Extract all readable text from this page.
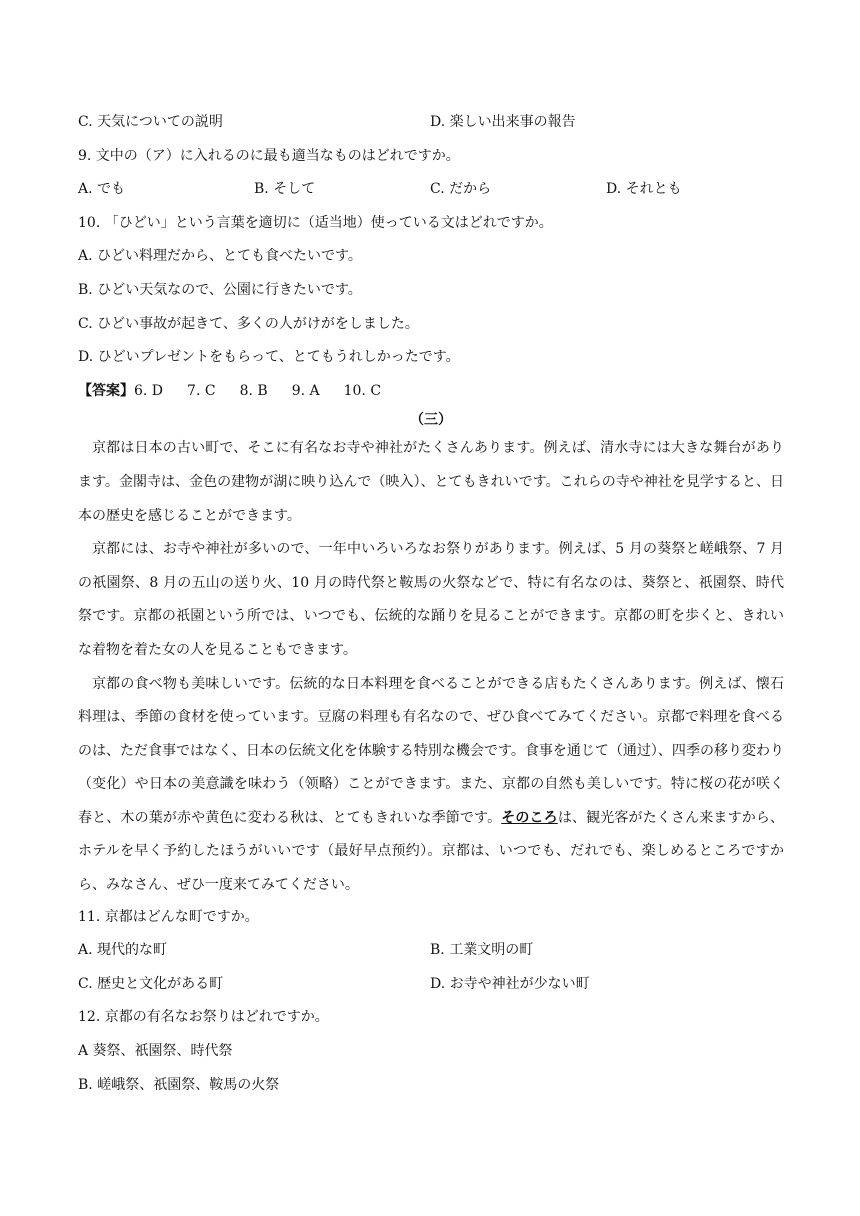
C. 天気についての説明	D. 楽しい出来事の報告
9. 文中の（ア）に入れるのに最も適当なものはどれですか。
A. でも	B. そして	C. だから	D. それとも
10. 「ひどい」という言葉を適切に（适当地）使っている文はどれですか。
A. ひどい料理だから、とても食べたいです。
B. ひどい天気なので、公園に行きたいです。
C. ひどい事故が起きて、多くの人がけがをしました。
D. ひどいプレゼントをもらって、とてもうれしかったです。
【答案】6. D 7. C 8. B 9. A 10. C
（三）

京都は日本の古い町で、そこに有名なお寺や神社がたくさんあります。例えば、清水寺には大きな舞台があります。金閣寺は、金色の建物が湖に映り込んで（映入）、とてもきれいです。これらの寺や神社を見学すると、日本の歴史を感じることができます。

京都には、お寺や神社が多いので、一年中いろいろなお祭りがあります。例えば、5 月の葵祭と嵯峨祭、7 月の祇園祭、8 月の五山の送り火、10 月の時代祭と鞍馬の火祭などで、特に有名なのは、葵祭と、祇園祭、時代祭です。京都の祇園という所では、いつでも、伝統的な踊りを見ることができます。京都の町を歩くと、きれいな着物を着た女の人を見ることもできます。

京都の食べ物も美味しいです。伝統的な日本料理を食べることができる店もたくさんあります。例えば、懐石料理は、季節の食材を使っています。豆腐の料理も有名なので、ぜひ食べてみてください。京都で料理を食べるのは、ただ食事ではなく、日本の伝統文化を体験する特別な機会です。食事を通じて（通过）、四季の移り変わり（变化）や日本の美意識を味わう（领略）ことができます。また、京都の自然も美しいです。特に桜の花が咲く春と、木の葉が赤や黄色に変わる秋は、とてもきれいな季節です。そのころは、観光客がたくさん来ますから、ホテルを早く予約したほうがいいです（最好早点预约）。京都は、いつでも、だれでも、楽しめるところですから、みなさん、ぜひ一度来てみてください。

11. 京都はどんな町ですか。
A. 現代的な町	B. 工業文明の町
C. 歴史と文化がある町	D. お寺や神社が少ない町
12. 京都の有名なお祭りはどれですか。
A 葵祭、祇園祭、時代祭
B. 嵯峨祭、祇園祭、鞍馬の火祭
